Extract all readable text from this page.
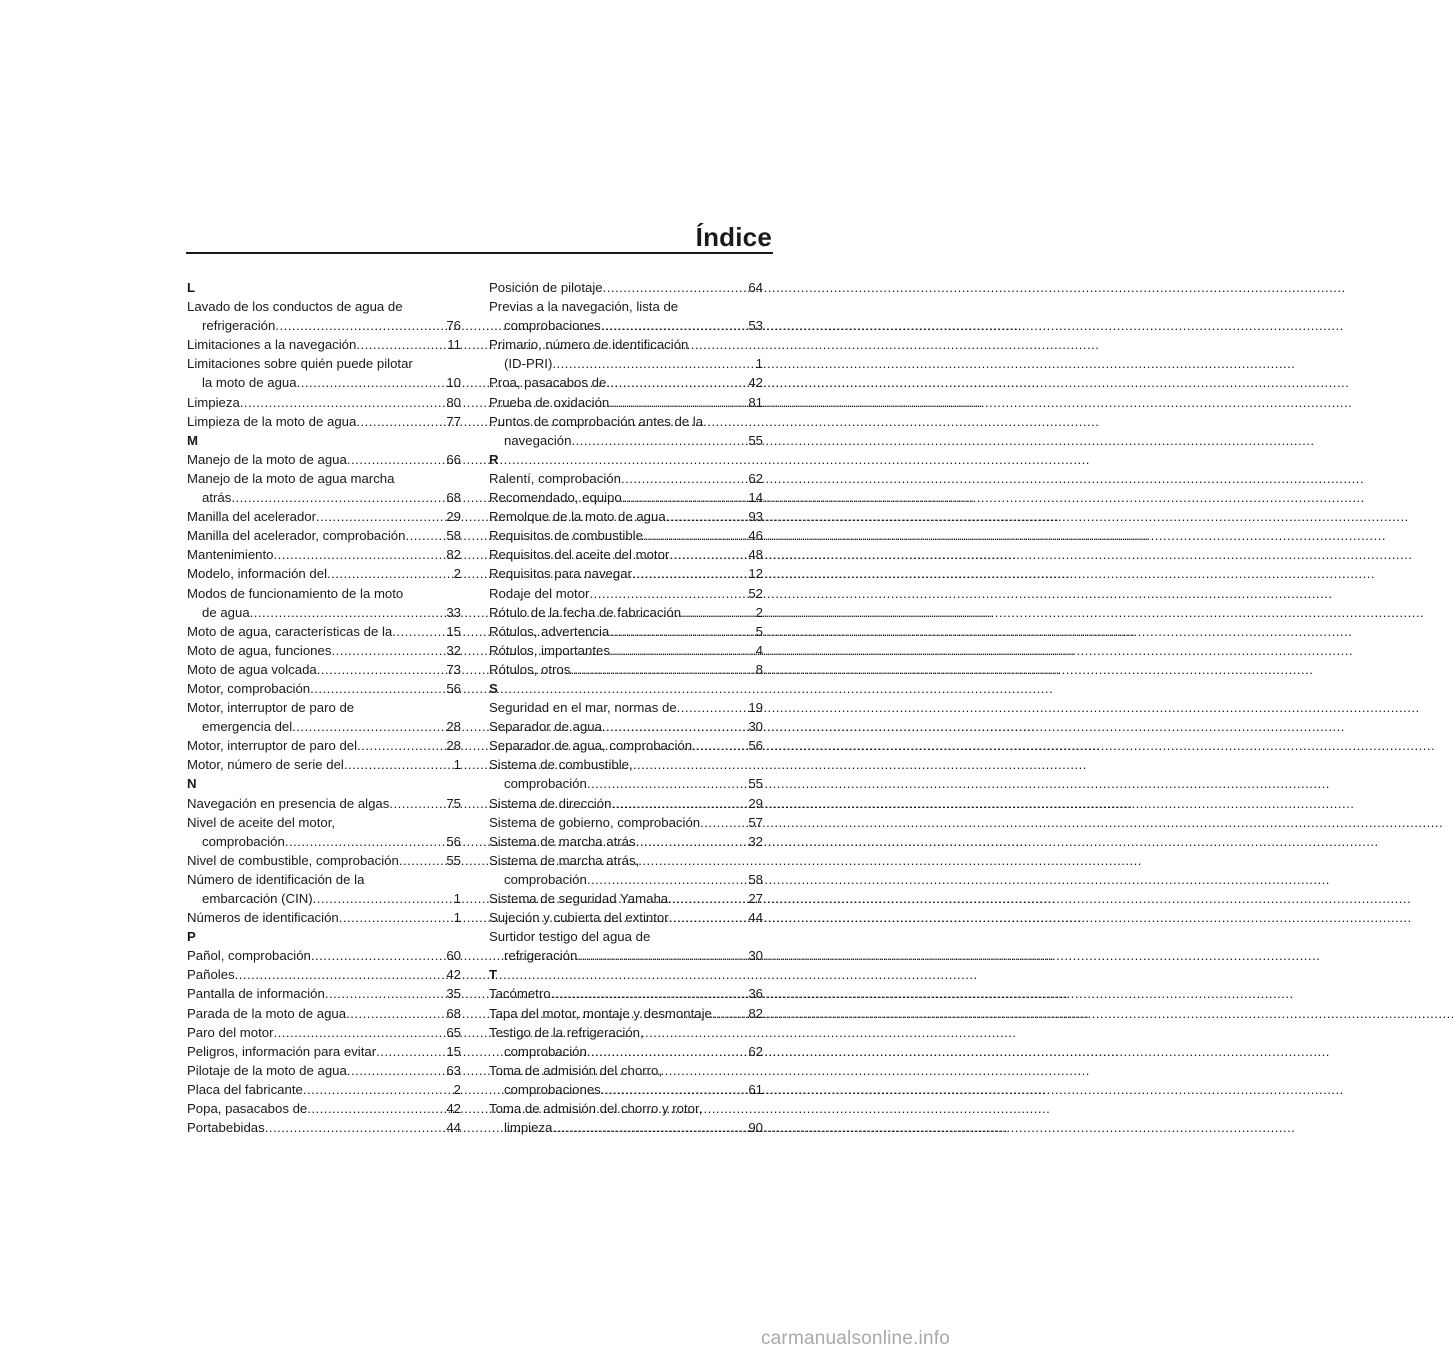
Índice
L
Lavado de los conductos de agua de
refrigeración . . .	76
Limitaciones a la navegación . . .	11
Limitaciones sobre quién puede pilotar
la moto de agua . . .	10
Limpieza . . .	80
Limpieza de la moto de agua . . .	77
M
Manejo de la moto de agua . . .	66
Manejo de la moto de agua marcha
atrás . . .	68
Manilla del acelerador . . .	29
Manilla del acelerador, comprobación . . .	58
Mantenimiento . . .	82
Modelo, información del . . .	2
Modos de funcionamiento de la moto
de agua . . .	33
Moto de agua, características de la . . .	15
Moto de agua, funciones . . .	32
Moto de agua volcada . . .	73
Motor, comprobación . . .	56
Motor, interruptor de paro de
emergencia del . . .	28
Motor, interruptor de paro del . . .	28
Motor, número de serie del . . .	1
N
Navegación en presencia de algas . . .	75
Nivel de aceite del motor,
comprobación . . .	56
Nivel de combustible, comprobación . . .	55
Número de identificación de la
embarcación (CIN) . . .	1
Números de identificación . . .	1
P
Pañol, comprobación . . .	60
Pañoles . . .	42
Pantalla de información . . .	35
Parada de la moto de agua . . .	68
Paro del motor . . .	65
Peligros, información para evitar . . .	15
Pilotaje de la moto de agua . . .	63
Placa del fabricante . . .	2
Popa, pasacabos de . . .	42
Portabebidas . . .	44
Posición de pilotaje . . .	64
Previas a la navegación, lista de
comprobaciones . . .	53
Primario, número de identificación
(ID-PRI) . . .	1
Proa, pasacabos de . . .	42
Prueba de oxidación . . .	81
Puntos de comprobación antes de la
navegación . . .	55
R
Ralentí, comprobación . . .	62
Recomendado, equipo . . .	14
Remolque de la moto de agua . . .	93
Requisitos de combustible . . .	46
Requisitos del aceite del motor . . .	48
Requisitos para navegar . . .	12
Rodaje del motor . . .	52
Rótulo de la fecha de fabricación . . .	2
Rótulos, advertencia . . .	5
Rótulos, importantes . . .	4
Rótulos, otros . . .	8
S
Seguridad en el mar, normas de . . .	19
Separador de agua . . .	30
Separador de agua, comprobación . . .	56
Sistema de combustible,
comprobación . . .	55
Sistema de dirección . . .	29
Sistema de gobierno, comprobación . . .	57
Sistema de marcha atrás . . .	32
Sistema de marcha atrás,
comprobación . . .	58
Sistema de seguridad Yamaha . . .	27
Sujeción y cubierta del extintor . . .	44
Surtidor testigo del agua de
refrigeración . . .	30
T
Tacómetro . . .	36
Tapa del motor, montaje y desmontaje . . .	82
Testigo de la refrigeración,
comprobación . . .	62
Toma de admisión del chorro,
comprobaciones . . .	61
Toma de admisión del chorro y rotor,
limpieza . . .	90
carmanualsonline.info
